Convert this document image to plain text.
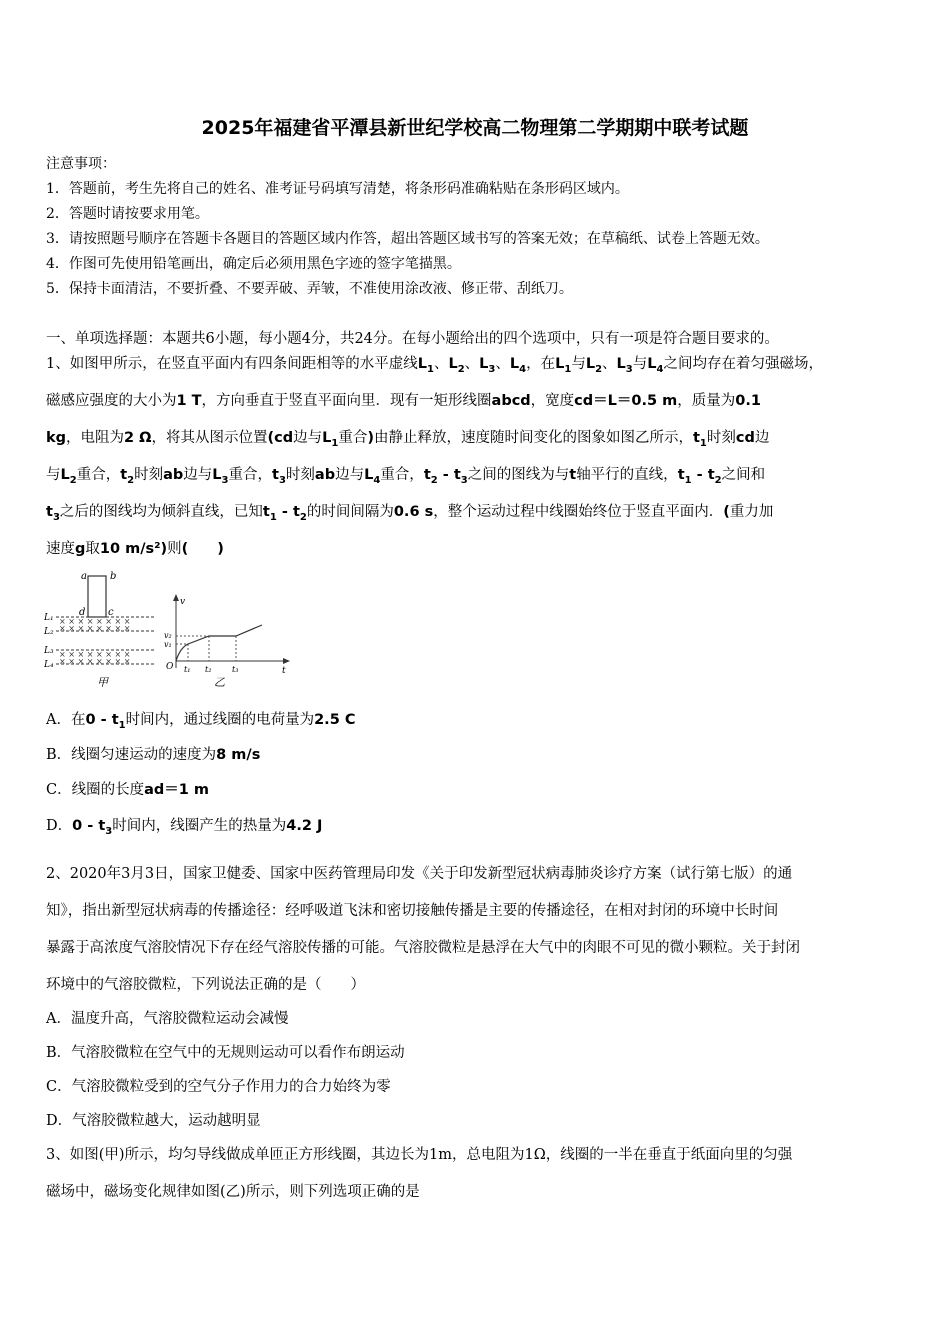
2025年福建省平潭县新世纪学校高二物理第二学期期中联考试题
注意事项：
1．答题前，考生先将自己的姓名、准考证号码填写清楚，将条形码准确粘贴在条形码区域内。
2．答题时请按要求用笔。
3．请按照题号顺序在答题卡各题目的答题区域内作答，超出答题区域书写的答案无效；在草稿纸、试卷上答题无效。
4．作图可先使用铅笔画出，确定后必须用黑色字迹的签字笔描黑。
5．保持卡面清洁，不要折叠、不要弄破、弄皱，不准使用涂改液、修正带、刮纸刀。
一、单项选择题：本题共6小题，每小题4分，共24分。在每小题给出的四个选项中，只有一项是符合题目要求的。
1、如图甲所示，在竖直平面内有四条间距相等的水平虚线$L_1$、$L_2$、$L_3$、$L_4$，在$L_1$与$L_2$、$L_3$与$L_4$之间均存在着匀强磁场，
磁感应强度的大小为1 T，方向垂直于竖直平面向里．现有一矩形线圈abcd，宽度cd＝L＝0.5 m，质量为0.1
kg，电阻为2 Ω，将其从图示位置(cd边与$L_1$重合)由静止释放，速度随时间变化的图象如图乙所示，$t_1$时刻cd边
与$L_2$重合，$t_2$时刻ab边与$L_3$重合，$t_3$时刻ab边与$L_4$重合，$t_2 - t_3$之间的图线为与t轴平行的直线，$t_1 - t_2$之间和
$t_3$之后的图线均为倾斜直线，已知$t_1 - t_2$的时间间隔为0.6 s，整个运动过程中线圈始终位于竖直平面内．(重力加
速度g取10 m/s²)则(　　)
a b
d c
L₁
L₂
L₃
L₄
× × × × × × × ×
× × × × × × × ×
× × × × × × × ×
× × × × × × × ×
甲
v
O	t
v₂
v₁
t₁ t₂	t₃
乙
A．在$0 - t_1$时间内，通过线圈的电荷量为2.5 C
B．线圈匀速运动的速度为8 m/s
C．线圈的长度ad＝1 m
D．$0 - t_3$时间内，线圈产生的热量为4.2 J
2、2020年3月3日，国家卫健委、国家中医药管理局印发《关于印发新型冠状病毒肺炎诊疗方案（试行第七版）的通
知》，指出新型冠状病毒的传播途径：经呼吸道飞沫和密切接触传播是主要的传播途径，在相对封闭的环境中长时间
暴露于高浓度气溶胶情况下存在经气溶胶传播的可能。气溶胶微粒是悬浮在大气中的肉眼不可见的微小颗粒。关于封闭
环境中的气溶胶微粒，下列说法正确的是（　　）
A．温度升高，气溶胶微粒运动会减慢
B．气溶胶微粒在空气中的无规则运动可以看作布朗运动
C．气溶胶微粒受到的空气分子作用力的合力始终为零
D．气溶胶微粒越大，运动越明显
3、如图(甲)所示，均匀导线做成单匝正方形线圈，其边长为1m，总电阻为1Ω，线圈的一半在垂直于纸面向里的匀强
磁场中，磁场变化规律如图(乙)所示，则下列选项正确的是
